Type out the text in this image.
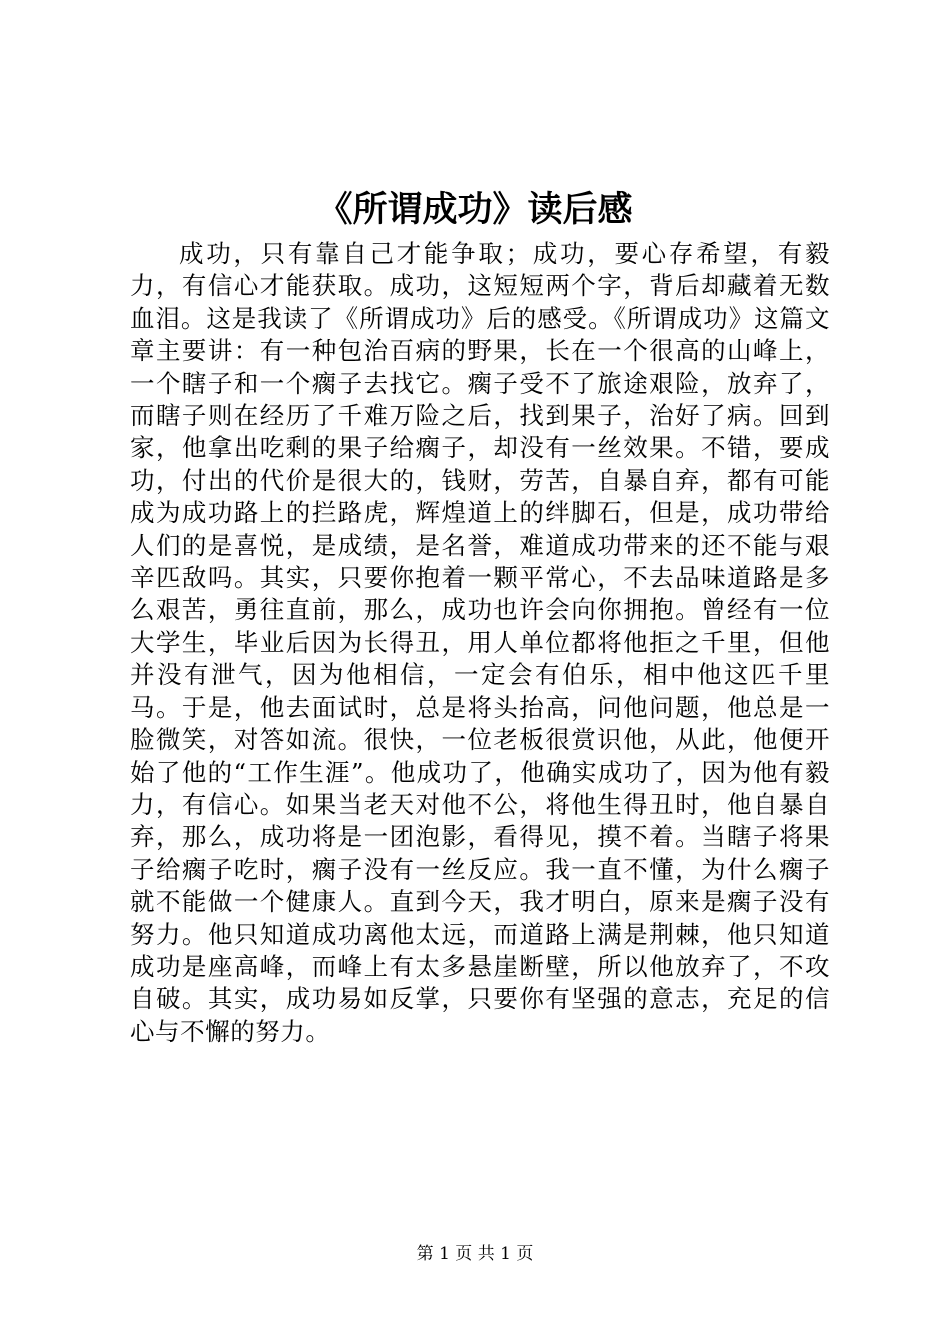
《所谓成功》读后感

成功，只有靠自己才能争取；成功，要心存希望，有毅力，有信心才能获取。成功，这短短两个字，背后却藏着无数血泪。这是我读了《所谓成功》后的感受。《所谓成功》这篇文章主要讲：有一种包治百病的野果，长在一个很高的山峰上，一个瞎子和一个瘸子去找它。瘸子受不了旅途艰险，放弃了，而瞎子则在经历了千难万险之后，找到果子，治好了病。回到家，他拿出吃剩的果子给瘸子，却没有一丝效果。不错，要成功，付出的代价是很大的，钱财，劳苦，自暴自弃，都有可能成为成功路上的拦路虎，辉煌道上的绊脚石，但是，成功带给人们的是喜悦，是成绩，是名誉，难道成功带来的还不能与艰辛匹敌吗。其实，只要你抱着一颗平常心，不去品味道路是多么艰苦，勇往直前，那么，成功也许会向你拥抱。曾经有一位大学生，毕业后因为长得丑，用人单位都将他拒之千里，但他并没有泄气，因为他相信，一定会有伯乐，相中他这匹千里马。于是，他去面试时，总是将头抬高，问他问题，他总是一脸微笑，对答如流。很快，一位老板很赏识他，从此，他便开始了他的“工作生涯”。他成功了，他确实成功了，因为他有毅力，有信心。如果当老天对他不公，将他生得丑时，他自暴自弃，那么，成功将是一团泡影，看得见，摸不着。当瞎子将果子给瘸子吃时，瘸子没有一丝反应。我一直不懂，为什么瘸子就不能做一个健康人。直到今天，我才明白，原来是瘸子没有努力。他只知道成功离他太远，而道路上满是荆棘，他只知道成功是座高峰，而峰上有太多悬崖断壁，所以他放弃了，不攻自破。其实，成功易如反掌，只要你有坚强的意志，充足的信心与不懈的努力。

第 1 页 共 1 页
